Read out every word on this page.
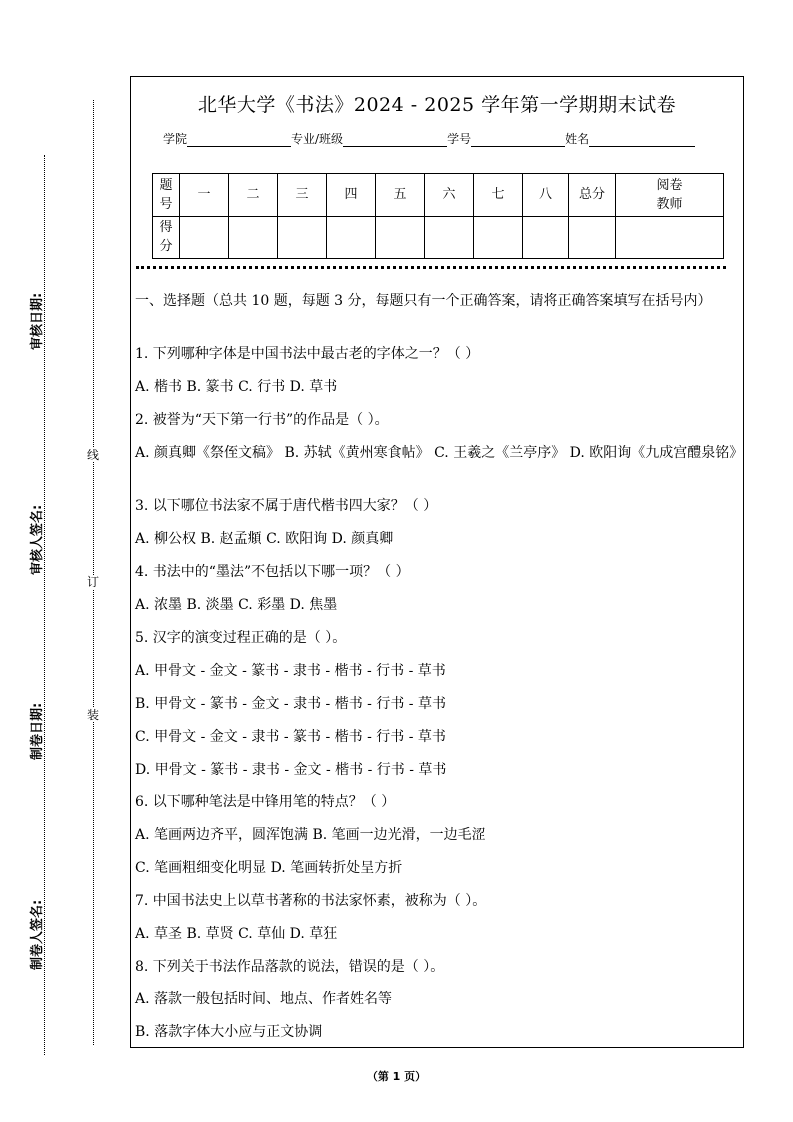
审核日期:
审核人签名:
制卷日期:
制卷人签名:
线
订
装
北华大学《书法》2024 - 2025 学年第一学期期末试卷
学院	专业/班级	学号	姓名
题号	一	二	三	四	五	六	七	八	总分	阅卷教师
得分										
一、选择题（总共 10 题，每题 3 分，每题只有一个正确答案，请将正确答案填写在括号内）
1. 下列哪种字体是中国书法中最古老的字体之一？（ ）
A. 楷书 B. 篆书 C. 行书 D. 草书
2. 被誉为“天下第一行书”的作品是（ ）。
A. 颜真卿《祭侄文稿》 B. 苏轼《黄州寒食帖》 C. 王羲之《兰亭序》 D. 欧阳询《九成宫醴泉铭》
3. 以下哪位书法家不属于唐代楷书四大家？（ ）
A. 柳公权 B. 赵孟頫 C. 欧阳询 D. 颜真卿
4. 书法中的“墨法”不包括以下哪一项？（ ）
A. 浓墨 B. 淡墨 C. 彩墨 D. 焦墨
5. 汉字的演变过程正确的是（ ）。
A. 甲骨文 - 金文 - 篆书 - 隶书 - 楷书 - 行书 - 草书
B. 甲骨文 - 篆书 - 金文 - 隶书 - 楷书 - 行书 - 草书
C. 甲骨文 - 金文 - 隶书 - 篆书 - 楷书 - 行书 - 草书
D. 甲骨文 - 篆书 - 隶书 - 金文 - 楷书 - 行书 - 草书
6. 以下哪种笔法是中锋用笔的特点？（ ）
A. 笔画两边齐平，圆浑饱满 B. 笔画一边光滑，一边毛涩
C. 笔画粗细变化明显 D. 笔画转折处呈方折
7. 中国书法史上以草书著称的书法家怀素，被称为（ ）。
A. 草圣 B. 草贤 C. 草仙 D. 草狂
8. 下列关于书法作品落款的说法，错误的是（ ）。
A. 落款一般包括时间、地点、作者姓名等
B. 落款字体大小应与正文协调
（第 1 页）
